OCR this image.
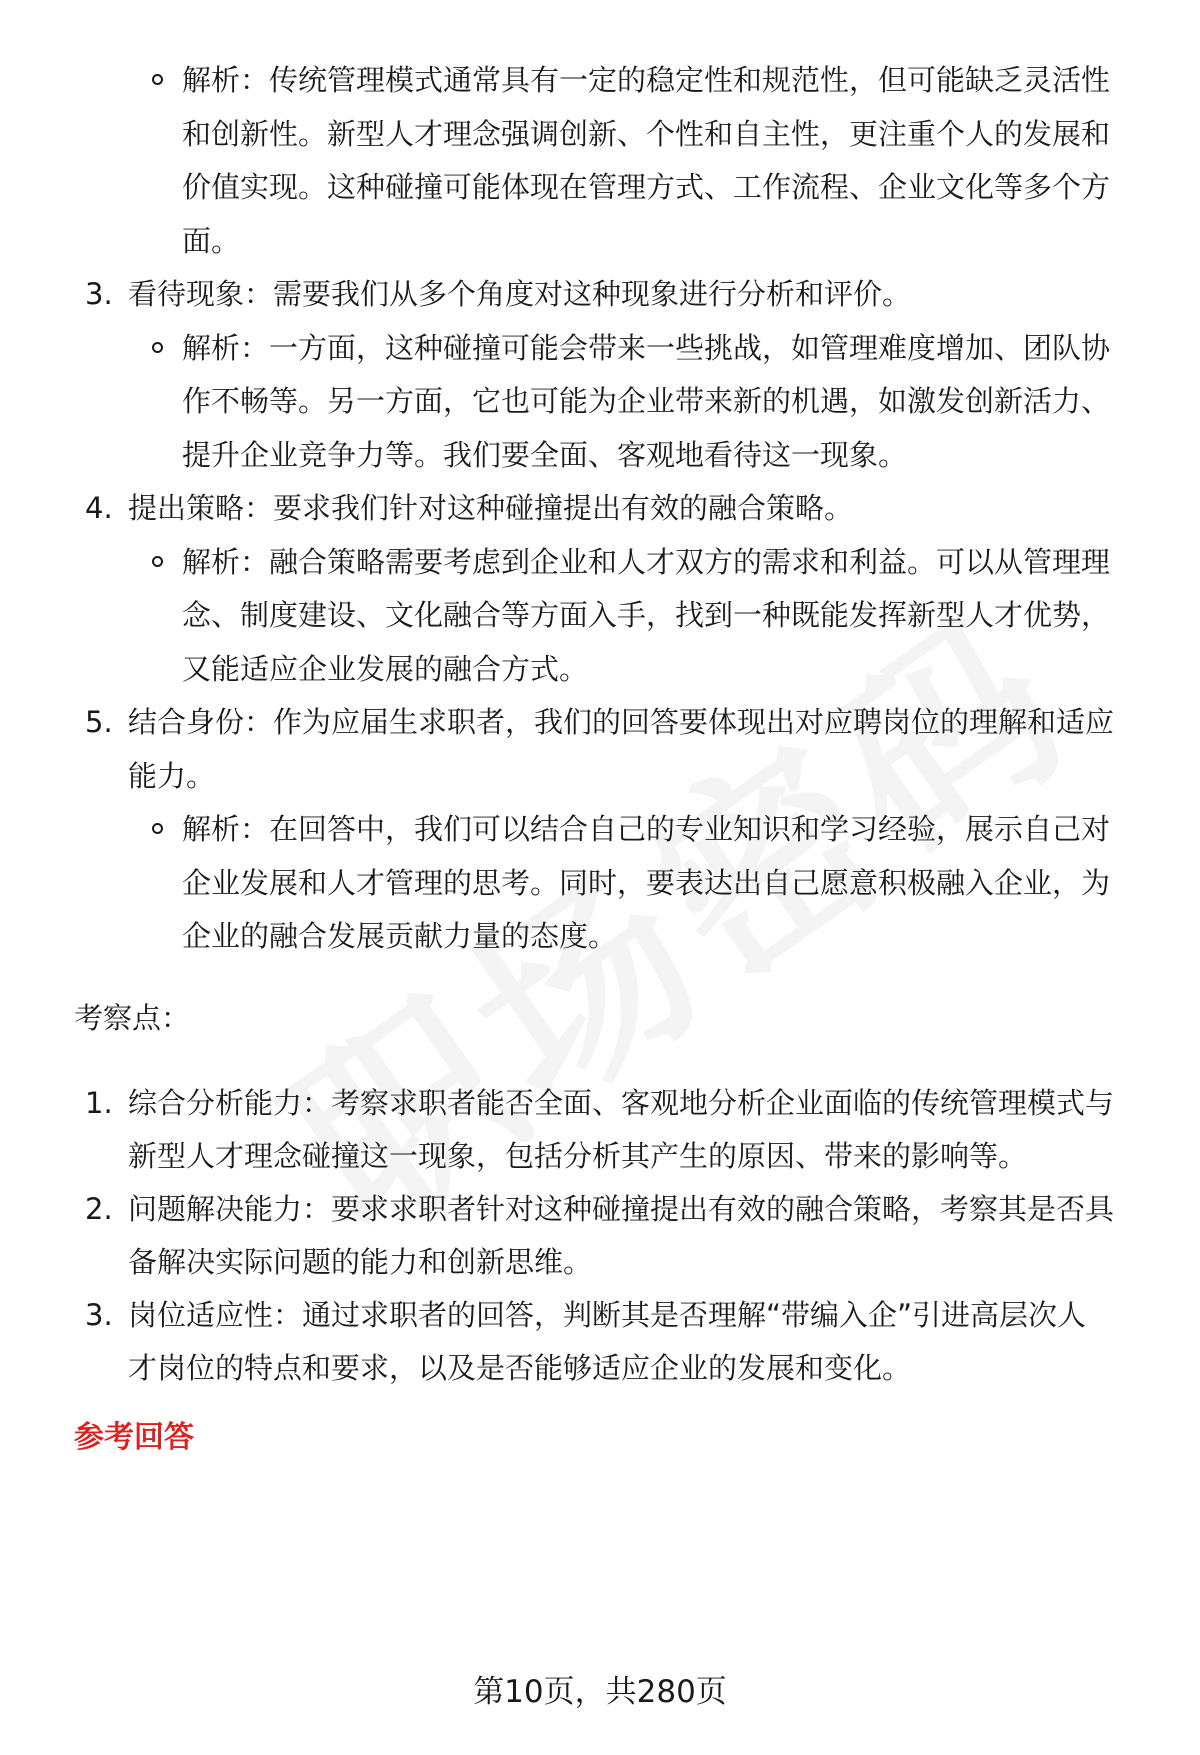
解析：传统管理模式通常具有一定的稳定性和规范性，但可能缺乏灵活性
和创新性。新型人才理念强调创新、个性和自主性，更注重个人的发展和
价值实现。这种碰撞可能体现在管理方式、工作流程、企业文化等多个方
面。
3. 看待现象：需要我们从多个角度对这种现象进行分析和评价。
解析：一方面，这种碰撞可能会带来一些挑战，如管理难度增加、团队协
作不畅等。另一方面，它也可能为企业带来新的机遇，如激发创新活力、
提升企业竞争力等。我们要全面、客观地看待这一现象。
4. 提出策略：要求我们针对这种碰撞提出有效的融合策略。
解析：融合策略需要考虑到企业和人才双方的需求和利益。可以从管理理
念、制度建设、文化融合等方面入手，找到一种既能发挥新型人才优势，
又能适应企业发展的融合方式。
5. 结合身份：作为应届生求职者，我们的回答要体现出对应聘岗位的理解和适应
能力。
解析：在回答中，我们可以结合自己的专业知识和学习经验，展示自己对
企业发展和人才管理的思考。同时，要表达出自己愿意积极融入企业，为
企业的融合发展贡献力量的态度。
考察点：
1. 综合分析能力：考察求职者能否全面、客观地分析企业面临的传统管理模式与
新型人才理念碰撞这一现象，包括分析其产生的原因、带来的影响等。
2. 问题解决能力：要求求职者针对这种碰撞提出有效的融合策略，考察其是否具
备解决实际问题的能力和创新思维。
3. 岗位适应性：通过求职者的回答，判断其是否理解“带编入企”引进高层次人
才岗位的特点和要求，以及是否能够适应企业的发展和变化。
参考回答
第10页，共280页
